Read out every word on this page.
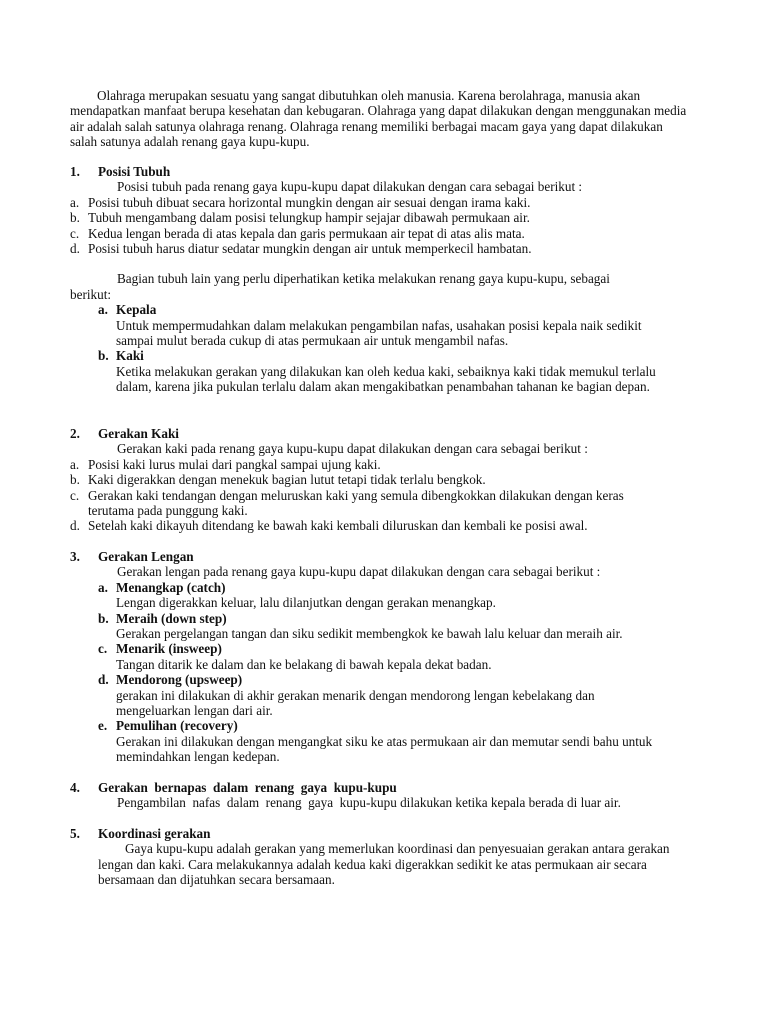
Olahraga merupakan sesuatu yang sangat dibutuhkan oleh manusia. Karena berolahraga, manusia akan mendapatkan manfaat berupa kesehatan dan kebugaran. Olahraga yang dapat dilakukan dengan menggunakan media air adalah salah satunya olahraga renang. Olahraga renang memiliki berbagai macam gaya yang dapat dilakukan salah satunya adalah renang gaya kupu-kupu.
1.	Posisi Tubuh
Posisi tubuh pada renang gaya kupu-kupu dapat dilakukan dengan cara sebagai berikut :
a. Posisi tubuh dibuat secara horizontal mungkin dengan air sesuai dengan irama kaki.
b. Tubuh mengambang dalam posisi telungkup hampir sejajar dibawah permukaan air.
c. Kedua lengan berada di atas kepala dan garis permukaan air tepat di atas alis mata.
d. Posisi tubuh harus diatur sedatar mungkin dengan air untuk memperkecil hambatan.
Bagian tubuh lain yang perlu diperhatikan ketika melakukan renang gaya kupu-kupu, sebagai berikut:
a. Kepala
Untuk mempermudahkan dalam melakukan pengambilan nafas, usahakan posisi kepala naik sedikit sampai mulut berada cukup di atas permukaan air untuk mengambil nafas.
b. Kaki
Ketika melakukan gerakan yang dilakukan kan oleh kedua kaki, sebaiknya kaki tidak memukul terlalu dalam, karena jika pukulan terlalu dalam akan mengakibatkan penambahan tahanan ke bagian depan.
2.	Gerakan Kaki
Gerakan kaki pada renang gaya kupu-kupu dapat dilakukan dengan cara sebagai berikut :
a. Posisi kaki lurus mulai dari pangkal sampai ujung kaki.
b. Kaki digerakkan dengan menekuk bagian lutut tetapi tidak terlalu bengkok.
c. Gerakan kaki tendangan dengan meluruskan kaki yang semula dibengkokkan dilakukan dengan keras terutama pada punggung kaki.
d. Setelah kaki dikayuh ditendang ke bawah kaki kembali diluruskan dan kembali ke posisi awal.
3.	Gerakan Lengan
Gerakan lengan pada renang gaya kupu-kupu dapat dilakukan dengan cara sebagai berikut :
a. Menangkap (catch)
Lengan digerakkan keluar, lalu dilanjutkan dengan gerakan menangkap.
b. Meraih (down step)
Gerakan pergelangan tangan dan siku sedikit membengkok ke bawah lalu keluar dan meraih air.
c. Menarik (insweep)
Tangan ditarik ke dalam dan ke belakang di bawah kepala dekat badan.
d. Mendorong (upsweep)
gerakan ini dilakukan di akhir gerakan menarik dengan mendorong lengan kebelakang dan mengeluarkan lengan dari air.
e. Pemulihan (recovery)
Gerakan ini dilakukan dengan mengangkat siku ke atas permukaan air dan memutar sendi bahu untuk memindahkan lengan kedepan.
4.	Gerakan  bernapas  dalam  renang  gaya  kupu-kupu
Pengambilan  nafas  dalam  renang  gaya  kupu-kupu dilakukan ketika kepala berada di luar air.
5.	Koordinasi gerakan
Gaya kupu-kupu adalah gerakan yang memerlukan koordinasi dan penyesuaian gerakan antara gerakan lengan dan kaki. Cara melakukannya adalah kedua kaki digerakkan sedikit ke atas permukaan air secara bersamaan dan dijatuhkan secara bersamaan.
